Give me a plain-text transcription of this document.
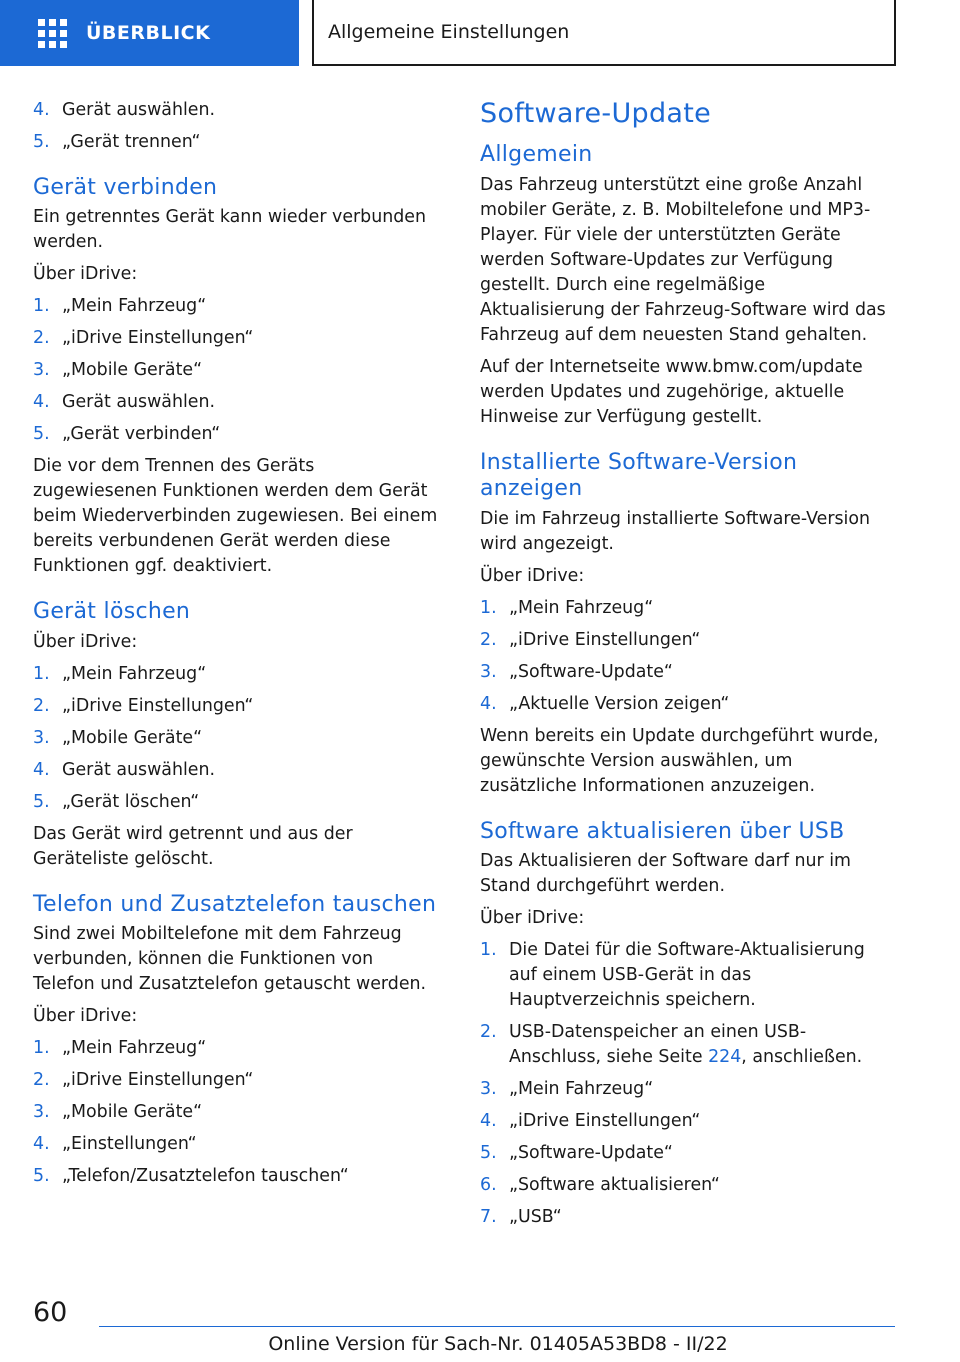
ÜBERBLICK	Allgemeine Einstellungen
4. Gerät auswählen.
5. „Gerät trennen“
Gerät verbinden

Ein getrenntes Gerät kann wieder verbunden werden.

Über iDrive:

1. „Mein Fahrzeug“
2. „iDrive Einstellungen“
3. „Mobile Geräte“
4. Gerät auswählen.
5. „Gerät verbinden“

Die vor dem Trennen des Geräts zugewiesenen Funktionen werden dem Gerät beim Wiederverbinden zugewiesen. Bei einem bereits verbundenen Gerät werden diese Funktionen ggf. deaktiviert.

Gerät löschen

Über iDrive:

1. „Mein Fahrzeug“
2. „iDrive Einstellungen“
3. „Mobile Geräte“
4. Gerät auswählen.
5. „Gerät löschen“

Das Gerät wird getrennt und aus der Geräteliste gelöscht.

Telefon und Zusatztelefon tauschen

Sind zwei Mobiltelefone mit dem Fahrzeug verbunden, können die Funktionen von Telefon und Zusatztelefon getauscht werden.

Über iDrive:

1. „Mein Fahrzeug“
2. „iDrive Einstellungen“
3. „Mobile Geräte“
4. „Einstellungen“
5. „Telefon/Zusatztelefon tauschen“
Software-Update
Allgemein

Das Fahrzeug unterstützt eine große Anzahl mobiler Geräte, z. B. Mobiltelefone und MP3-Player. Für viele der unterstützten Geräte werden Software-Updates zur Verfügung gestellt. Durch eine regelmäßige Aktualisierung der Fahrzeug-Software wird das Fahrzeug auf dem neuesten Stand gehalten.

Auf der Internetseite www.bmw.com/update werden Updates und zugehörige, aktuelle Hinweise zur Verfügung gestellt.

Installierte Software-Version anzeigen

Die im Fahrzeug installierte Software-Version wird angezeigt.

Über iDrive:

1. „Mein Fahrzeug“
2. „iDrive Einstellungen“
3. „Software-Update“
4. „Aktuelle Version zeigen“

Wenn bereits ein Update durchgeführt wurde, gewünschte Version auswählen, um zusätzliche Informationen anzuzeigen.

Software aktualisieren über USB

Das Aktualisieren der Software darf nur im Stand durchgeführt werden.

Über iDrive:

1. Die Datei für die Software-Aktualisierung auf einem USB-Gerät in das Hauptverzeichnis speichern.
2. USB-Datenspeicher an einen USB-Anschluss, siehe Seite 224, anschließen.
3. „Mein Fahrzeug“
4. „iDrive Einstellungen“
5. „Software-Update“
6. „Software aktualisieren“
7. „USB“
60
Online Version für Sach-Nr. 01405A53BD8 - II/22
